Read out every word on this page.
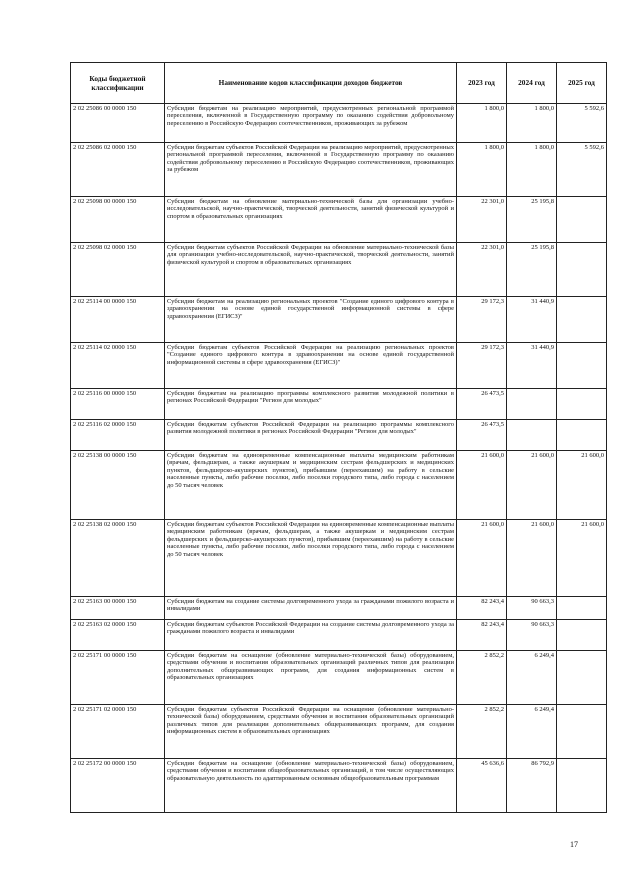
Коды бюджетной классификации	Наименование кодов классификации доходов бюджетов	2023 год	2024 год	2025 год
2 02 25086 00 0000 150	Субсидии бюджетам на реализацию мероприятий, предусмотренных региональной программой переселения, включенной в Государственную программу по оказанию содействия добровольному переселению в Российскую Федерацию соотечественников, проживающих за рубежом	1 800,0	1 800,0	5 592,6
2 02 25086 02 0000 150	Субсидии бюджетам субъектов Российской Федерации на реализацию мероприятий, предусмотренных региональной программой переселения, включенной в Государственную программу по оказанию содействия добровольному переселению в Российскую Федерацию соотечественников, проживающих за рубежом	1 800,0	1 800,0	5 592,6
2 02 25098 00 0000 150	Субсидии бюджетам на обновление материально-технической базы для организации учебно-исследовательской, научно-практической, творческой деятельности, занятий физической культурой и спортом в образовательных организациях	22 301,0	25 195,8	
2 02 25098 02 0000 150	Субсидии бюджетам субъектов Российской Федерации на обновление материально-технической базы для организации учебно-исследовательской, научно-практической, творческой деятельности, занятий физической культурой и спортом в образовательных организациях	22 301,0	25 195,8	
2 02 25114 00 0000 150	Субсидии бюджетам на реализацию региональных проектов "Создание единого цифрового контура в здравоохранении на основе единой государственной информационной системы в сфере здравоохранения (ЕГИСЗ)"	29 172,3	31 440,9	
2 02 25114 02 0000 150	Субсидии бюджетам субъектов Российской Федерации на реализацию региональных проектов "Создание единого цифрового контура в здравоохранении на основе единой государственной информационной системы в сфере здравоохранения (ЕГИСЗ)"	29 172,3	31 440,9	
2 02 25116 00 0000 150	Субсидии бюджетам на реализацию программы комплексного развития молодежной политики в регионах Российской Федерации "Регион для молодых"	26 473,5		
2 02 25116 02 0000 150	Субсидии бюджетам субъектов Российской Федерации на реализацию программы комплексного развития молодежной политики в регионах Российской Федерации "Регион для молодых"	26 473,5		
2 02 25138 00 0000 150	Субсидии бюджетам на единовременные компенсационные выплаты медицинским работникам (врачам, фельдшерам, а также акушеркам и медицинским сестрам фельдшерских и медицинских пунктов, фельдшерско-акушерских пунктов), прибывшим (переехавшим) на работу в сельские населенные пункты, либо рабочие поселки, либо поселки городского типа, либо города с населением до 50 тысяч человек	21 600,0	21 600,0	21 600,0
2 02 25138 02 0000 150	Субсидии бюджетам субъектов Российской Федерации на единовременные компенсационные выплаты медицинским работникам (врачам, фельдшерам, а также акушеркам и медицинским сестрам фельдшерских и фельдшерско-акушерских пунктов), прибывшим (переехавшим) на работу в сельские населенные пункты, либо рабочие поселки, либо поселки городского типа, либо города с населением до 50 тысяч человек	21 600,0	21 600,0	21 600,0
2 02 25163 00 0000 150	Субсидии бюджетам на создание системы долговременного ухода за гражданами пожилого возраста и инвалидами	82 243,4	90 663,3	
2 02 25163 02 0000 150	Субсидии бюджетам субъектов Российской Федерации на создание системы долговременного ухода за гражданами пожилого возраста и инвалидами	82 243,4	90 663,3	
2 02 25171 00 0000 150	Субсидии бюджетам на оснащение (обновление материально-технической базы) оборудованием, средствами обучения и воспитания образовательных организаций различных типов для реализации дополнительных общеразвивающих программ, для создания информационных систем в образовательных организациях	2 852,2	6 249,4	
2 02 25171 02 0000 150	Субсидии бюджетам субъектов Российской Федерации на оснащение (обновление материально-технической базы) оборудованием, средствами обучения и воспитания образовательных организаций различных типов для реализации дополнительных общеразвивающих программ, для создания информационных систем в образовательных организациях	2 852,2	6 249,4	
2 02 25172 00 0000 150	Субсидии бюджетам на оснащение (обновление материально-технической базы) оборудованием, средствами обучения и воспитания общеобразовательных организаций, в том числе осуществляющих образовательную деятельность по адаптированным основным общеобразовательным программам	45 636,6	86 792,9	
17
